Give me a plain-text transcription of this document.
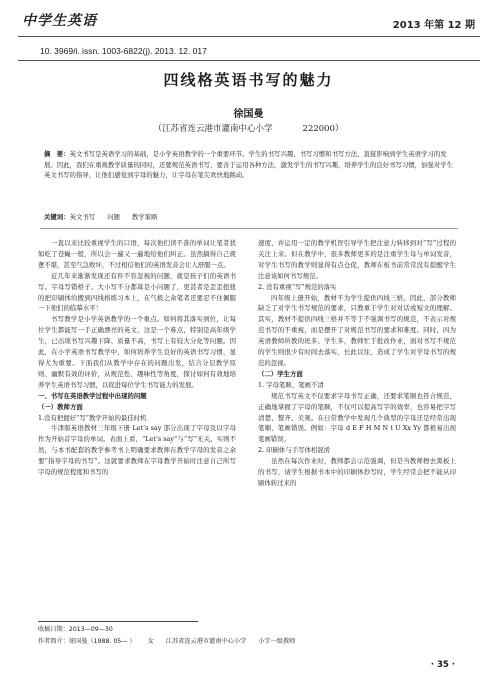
中学生英语	2013 年第 12 期
10. 3969/i. issn. 1003-6822(j). 2013. 12. 017
四线格英语书写的魅力
徐国曼
（江苏省连云港市灌南中心小学	222000）
摘　要：英文书写是英语学习的基础，是小学英语教学的一个重要环节。学生的书写兴趣、书写习惯和书写方法，直接影响到学生英语学习的发展。因此，我们在重视教学质量的同时，还要规范英语书写，要善于运用各种方法，激发学生的书写兴趣，培养学生的良好书写习惯，加强对学生英文书写的指导，让他们感觉到字母的魅力，让字母在笔尖欢快地跳动。
关键词：英文书写 问题 教学策略

一直以来比较重视学生的口语，每次他们读不准的单词让笔者犹如吃了苍蝇一般，所以会一遍又一遍地给他们纠正。虽然搞得自己疲惫不堪，甚至气急败坏，不过相信他们的英语发音会让人舒服一点。

近几年来渐渐发现还有件不容忽视的问题，就是孩子们的英语书写。字母写错格子、大小写不分都算是小问题了，更甚者是歪歪扭扭的把印刷体给搬到四线格练习本上，在气极之余笔者还要忍不住佩服一下他们的临摹水平！

书写教学是小学英语教学的一个重点。如何将其落实到位，让每位学生都能写一手正确漂亮的英文，这是一个难点，特别是高年级学生，已出现书写兴趣下降、质量不高，书写上有较大分化等问题。因此，在小学英语书写教学中，如何培养学生良好的英语书写习惯，显得尤为重要。下面我们从教学中存在的问题出发，结合分层教学原则、幽默有效的评价，从规范性、趣味性等角度，探讨如何有效地培养学生英语书写习惯，以促进每位学生书写能力的发展。

一、书写在英语教学过程中出现的问题

（一）教师方面

1.没有把握好“写”教学开始的最佳时机

牛津版英语教材三年级下册 Let’s say 部分出现了字母及以字母作为开始首字母的单词。表面上看，“Let’s say”与“写”无关。实则不然，与本书配套的教学参考书上明确要求教师在教学字母的发音之余要“指导字母的书写”。这就要求教师在字母教学开始时注意自己所写字母的规范程度和书写的

速度，并运用一定的教学机智引导学生把注意力转移到对“写”过程的关注上来。但在教学中，很多教师更多的是注重学生母与单词发音，对学生书写的教学则显得有点仓促，教师在板书前常常没有提醒学生注意该如何书写规范。

2. 没有重视“写”规范的落实

四年级上册开始，教材不为学生提供四线三格。因此，部分教师缺乏了对学生书写规范的要求，只教重于学生对对话或短文的理解。其实，教材不提供四线三格并不等于不强调书写的规范，不表示对规范书写的不重视，而是摆开了对规范书写的要求和难度。同时，四为英语教师所教的班多、学生多，教师忙于批改作业，面对书写不规范的学生则很少有时间去落实，长此以往，造成了学生对学母书写的规范的忽视。

（二）学生方面

1. 字母笔顺、笔画不清

规范书写英文不仅要求字母书写正确，还要求笔顺也符合规范，正确地掌握了字母的笔顺，不仅可以提高写字的效率，也容易把字写清楚、整齐、美观。在日常教学中发现几个典型的字母还是经常出现笔顺、笔画错误。例如：字母 d E F H M N t U Xx Yy 都极易出现笔画错误。

2. 印刷体与手写体相混淆

虽然在每次作业时，教师都会示范强调，但是当教师擦去黑板上的书写，请学生根据书本中的印刷体抄写时，学生经常会把不能从印刷体转过来的

收稿日期：2013—09—30
作者简介：徐国曼（1988. 05— ） 女 江苏省连云港市灌南中心小学 小学一级教师
· 35 ·
